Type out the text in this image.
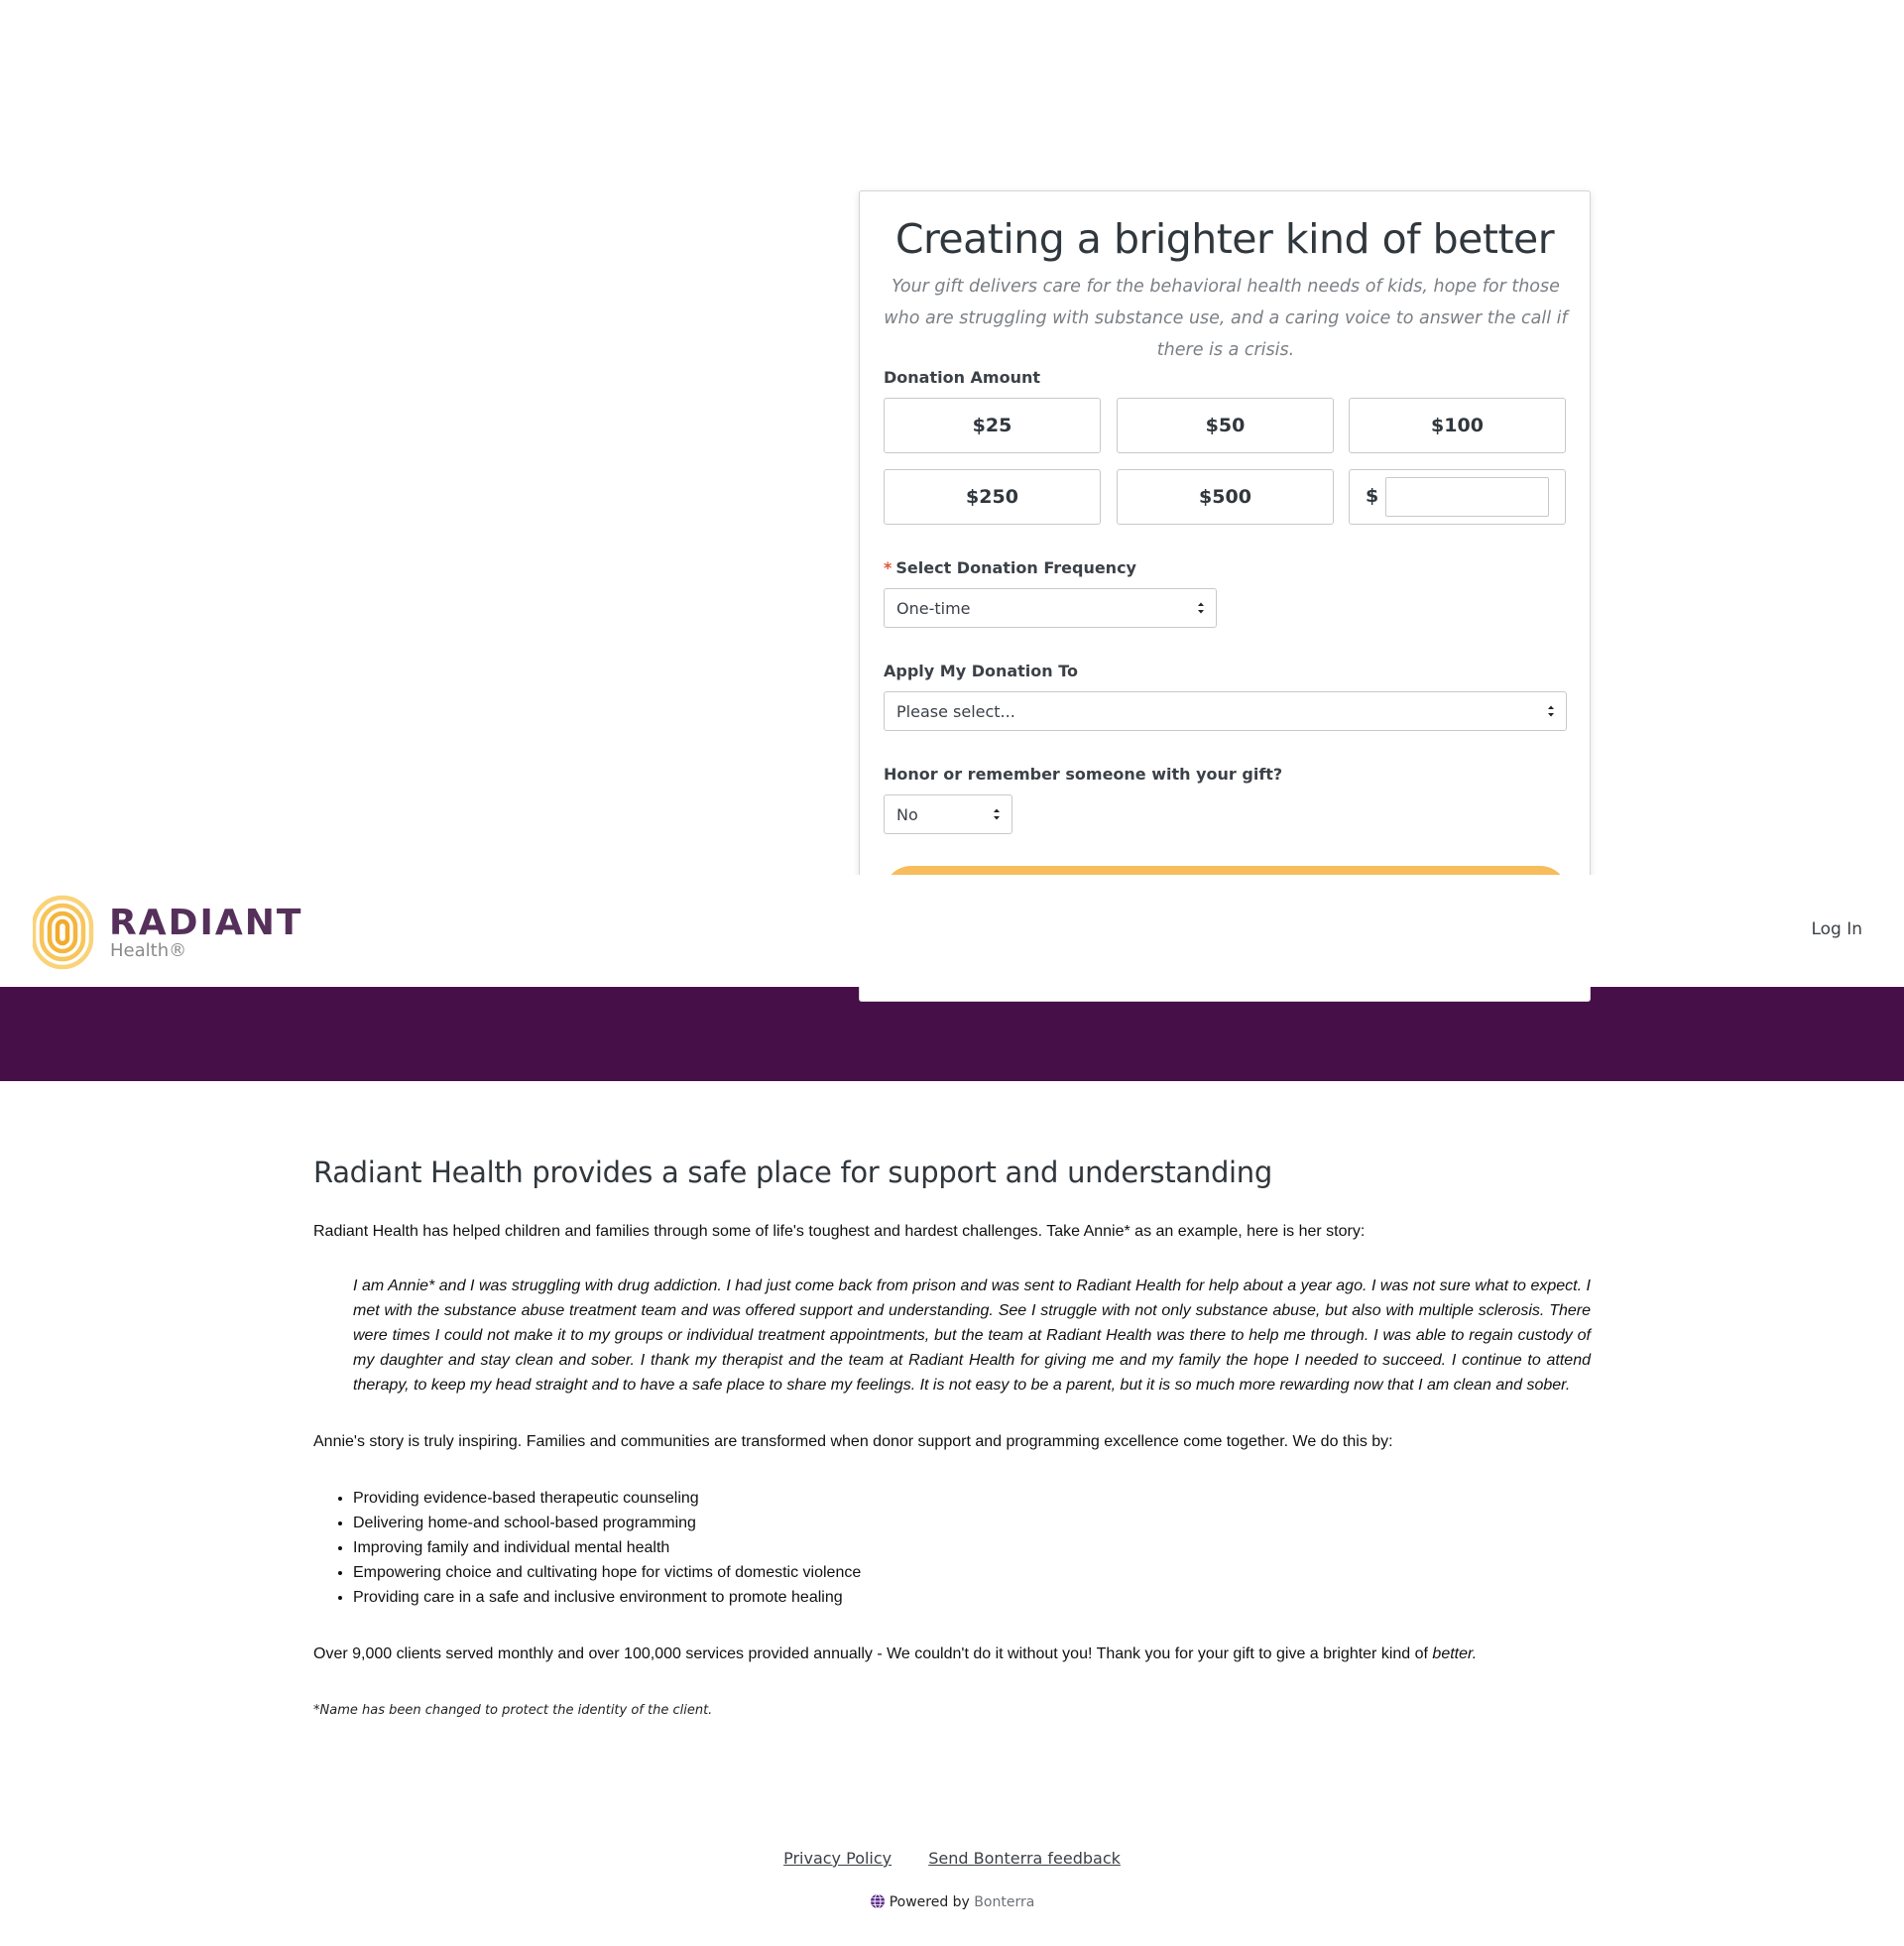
Creating a brighter kind of better
Your gift delivers care for the behavioral health needs of kids, hope for those who are struggling with substance use, and a caring voice to answer the call if there is a crisis.
Donation Amount
$25	$50	$100
$250	$500	$
* Select Donation Frequency
One-time
Apply My Donation To
Please select...
Honor or remember someone with your gift?
No
RADIANT
Health®
Log In
Radiant Health provides a safe place for support and understanding

Radiant Health has helped children and families through some of life's toughest and hardest challenges. Take Annie* as an example, here is her story:

I am Annie* and I was struggling with drug addiction. I had just come back from prison and was sent to Radiant Health for help about a year ago. I was not sure what to expect. I met with the substance abuse treatment team and was offered support and understanding. See I struggle with not only substance abuse, but also with multiple sclerosis. There were times I could not make it to my groups or individual treatment appointments, but the team at Radiant Health was there to help me through. I was able to regain custody of my daughter and stay clean and sober. I thank my therapist and the team at Radiant Health for giving me and my family the hope I needed to succeed. I continue to attend therapy, to keep my head straight and to have a safe place to share my feelings. It is not easy to be a parent, but it is so much more rewarding now that I am clean and sober.

Annie's story is truly inspiring. Families and communities are transformed when donor support and programming excellence come together. We do this by:

• Providing evidence-based therapeutic counseling
• Delivering home-and school-based programming
• Improving family and individual mental health
• Empowering choice and cultivating hope for victims of domestic violence
• Providing care in a safe and inclusive environment to promote healing

Over 9,000 clients served monthly and over 100,000 services provided annually - We couldn't do it without you! Thank you for your gift to give a brighter kind of better.

*Name has been changed to protect the identity of the client.

Privacy Policy Send Bonterra feedback
Powered by Bonterra
